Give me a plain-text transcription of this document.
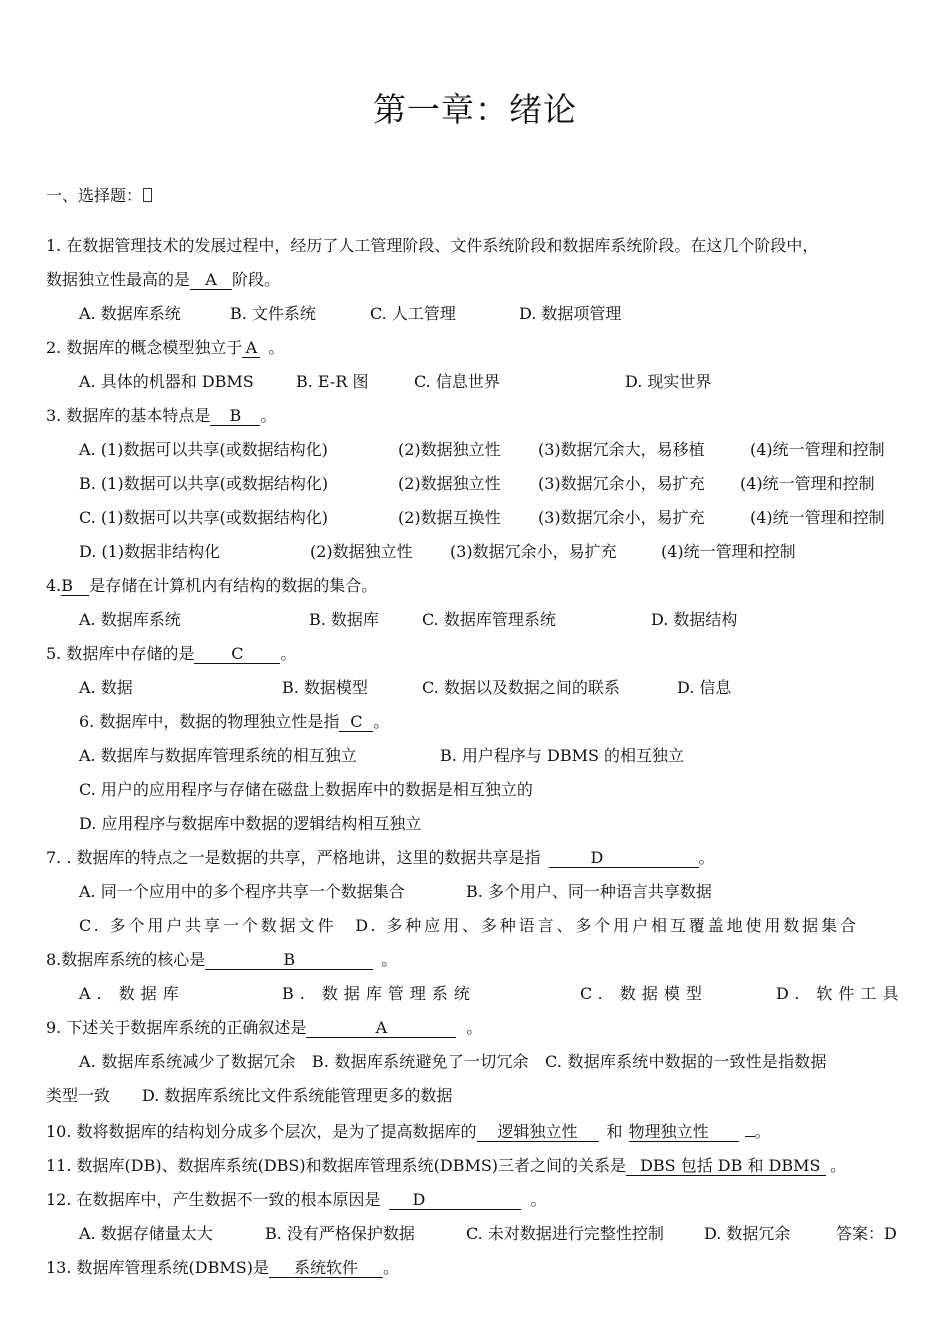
第一章：绪论
一、选择题：
1. 在数据管理技术的发展过程中，经历了人工管理阶段、文件系统阶段和数据库系统阶段。在这几个阶段中，
数据独立性最高的是 A 阶段。
A. 数据库系统	B. 文件系统	C. 人工管理	D. 数据项管理
2. 数据库的概念模型独立于 A 。
A. 具体的机器和 DBMS	B. E-R 图	C. 信息世界	D. 现实世界
3. 数据库的基本特点是 B 。
A. (1)数据可以共享(或数据结构化)	(2)数据独立性 (3)数据冗余大，易移植	(4)统一管理和控制
B. (1)数据可以共享(或数据结构化)	(2)数据独立性 (3)数据冗余小，易扩充 (4)统一管理和控制
C. (1)数据可以共享(或数据结构化)	(2)数据互换性 (3)数据冗余小，易扩充	(4)统一管理和控制
D. (1)数据非结构化	(2)数据独立性 (3)数据冗余小，易扩充	(4)统一管理和控制
4.B 是存储在计算机内有结构的数据的集合。
A. 数据库系统	B. 数据库	C. 数据库管理系统	D. 数据结构
5. 数据库中存储的是 C 。
A. 数据	B. 数据模型	C. 数据以及数据之间的联系	D. 信息
6. 数据库中，数据的物理独立性是指 C 。
A. 数据库与数据库管理系统的相互独立	B. 用户程序与 DBMS 的相互独立
C. 用户的应用程序与存储在磁盘上数据库中的数据是相互独立的
D. 应用程序与数据库中数据的逻辑结构相互独立
7. . 数据库的特点之一是数据的共享，严格地讲，这里的数据共享是指	D	。
A. 同一个应用中的多个程序共享一个数据集合	B. 多个用户、同一种语言共享数据
C. 多个用户共享一个数据文件　D. 多种应用、多种语言、多个用户相互覆盖地使用数据集合
8.数据库系统的核心是	B	。
A. 数据库	B. 数据库管理系统	C. 数据模型	D. 软件工具
9. 下述关于数据库系统的正确叙述是	A	。
A. 数据库系统减少了数据冗余　B. 数据库系统避免了一切冗余　C. 数据库系统中数据的一致性是指数据
类型一致　　D. 数据库系统比文件系统能管理更多的数据
10. 数将数据库的结构划分成多个层次，是为了提高数据库的 逻辑独立性 和 物理独立性	。
11. 数据库(DB)、数据库系统(DBS)和数据库管理系统(DBMS)三者之间的关系是 DBS 包括 DB 和 DBMS 。
12. 在数据库中，产生数据不一致的根本原因是 D	。
A. 数据存储量太大	B. 没有严格保护数据	C. 未对数据进行完整性控制	D. 数据冗余	答案：D
13. 数据库管理系统(DBMS)是 系统软件 。
